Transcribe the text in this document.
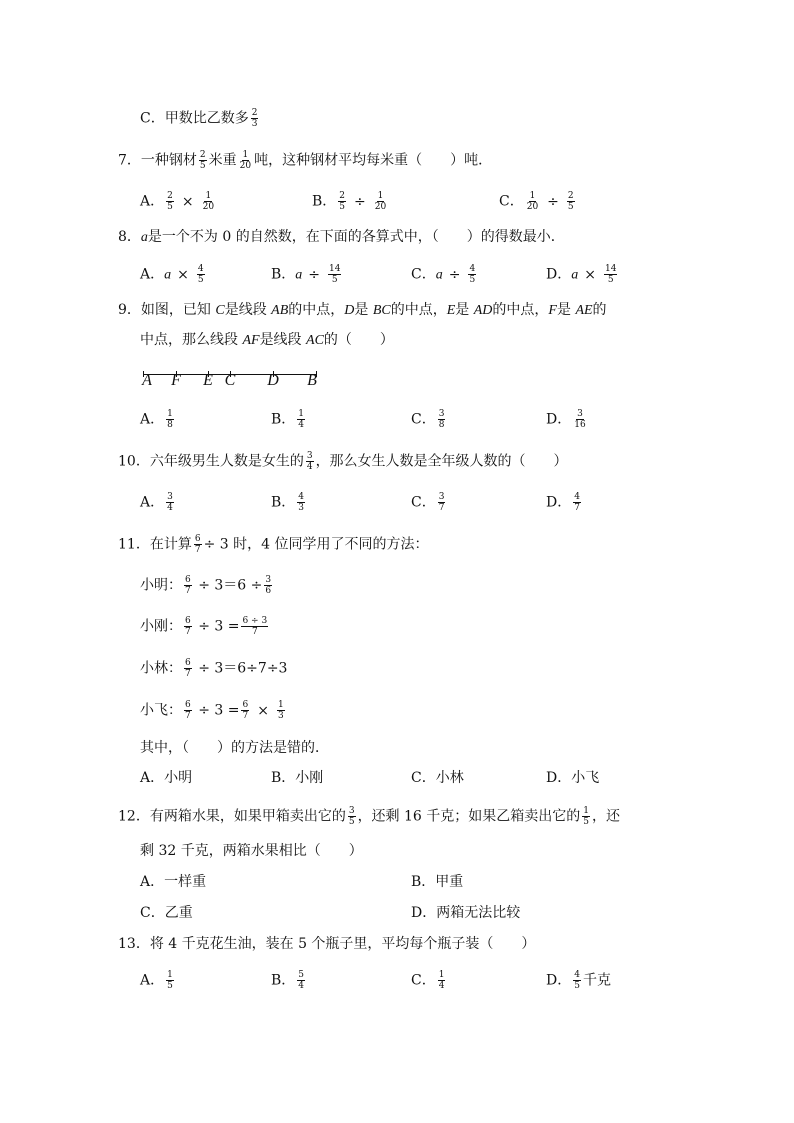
C．甲数比乙数多 $\frac{2}{3}$
7．一种钢材 $\frac{2}{5}$ 米重 $\frac{1}{20}$ 吨，这种钢材平均每米重（　　）吨．
A． $\frac{2}{5} \times \frac{1}{20}$	B． $\frac{2}{5} \div \frac{1}{20}$	C． $\frac{1}{20} \div \frac{2}{5}$
8．a是一个不为 0 的自然数，在下面的各算式中，（　　）的得数最小．
A．$a \times \frac{4}{5}$	B．$a \div \frac{14}{5}$	C．$a \div \frac{4}{5}$	D．$a \times \frac{14}{5}$
9．如图，已知 C是线段 AB的中点，D是 BC的中点，E是 AD的中点，F是 AE的
中点，那么线段 AF是线段 AC的（　　）
A F E C D B
A． $\frac{1}{8}$	B． $\frac{1}{4}$	C． $\frac{3}{8}$	D． $\frac{3}{16}$
10．六年级男生人数是女生的 $\frac{3}{4}$ ，那么女生人数是全年级人数的（　　）
A． $\frac{3}{4}$	B． $\frac{4}{3}$	C． $\frac{3}{7}$	D． $\frac{4}{7}$
11．在计算 $\frac{6}{7} \div 3$ 时，4 位同学用了不同的方法：
小明： $\frac{6}{7} \div 3=6 \div \frac{3}{6}$
小刚： $\frac{6}{7} \div 3 = \frac{6 \div 3}{7}$
小林： $\frac{6}{7} \div 3=6\div 7\div 3$
小飞： $\frac{6}{7} \div 3 = \frac{6}{7} \times \frac{1}{3}$
其中，（　　）的方法是错的．
A．小明	B．小刚	C．小林	D．小飞
12．有两箱水果，如果甲箱卖出它的 $\frac{3}{5}$ ，还剩 16 千克；如果乙箱卖出它的 $\frac{1}{5}$ ，还
剩 32 千克，两箱水果相比（　　）
A．一样重	B．甲重
C．乙重	D．两箱无法比较
13．将 4 千克花生油，装在 5 个瓶子里，平均每个瓶子装（　　）
A． $\frac{1}{5}$	B． $\frac{5}{4}$	C． $\frac{1}{4}$	D． $\frac{4}{5}$ 千克
